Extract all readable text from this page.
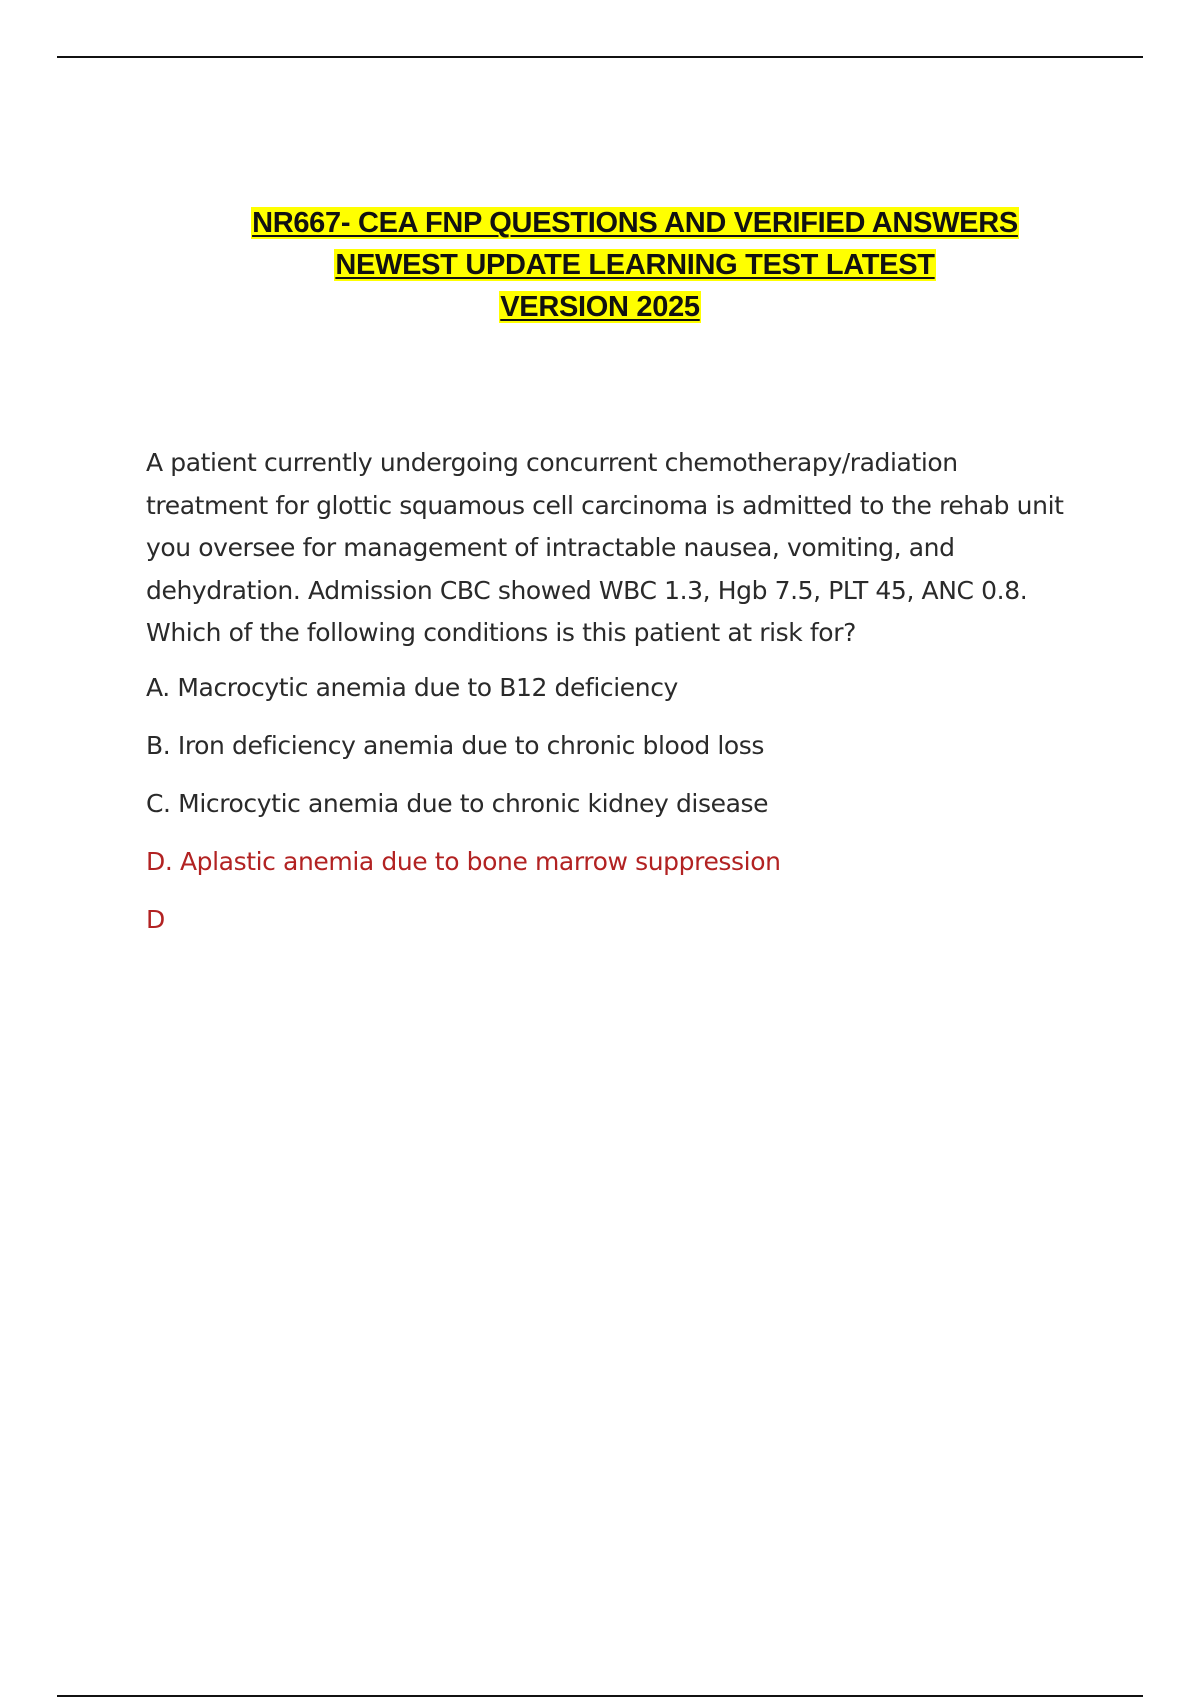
NR667- CEA FNP QUESTIONS AND VERIFIED ANSWERS
NEWEST UPDATE LEARNING TEST LATEST
VERSION 2025

A patient currently undergoing concurrent chemotherapy/radiation treatment for glottic squamous cell carcinoma is admitted to the rehab unit you oversee for management of intractable nausea, vomiting, and dehydration. Admission CBC showed WBC 1.3, Hgb 7.5, PLT 45, ANC 0.8. Which of the following conditions is this patient at risk for?

A. Macrocytic anemia due to B12 deficiency

B. Iron deficiency anemia due to chronic blood loss

C. Microcytic anemia due to chronic kidney disease

D. Aplastic anemia due to bone marrow suppression

D
